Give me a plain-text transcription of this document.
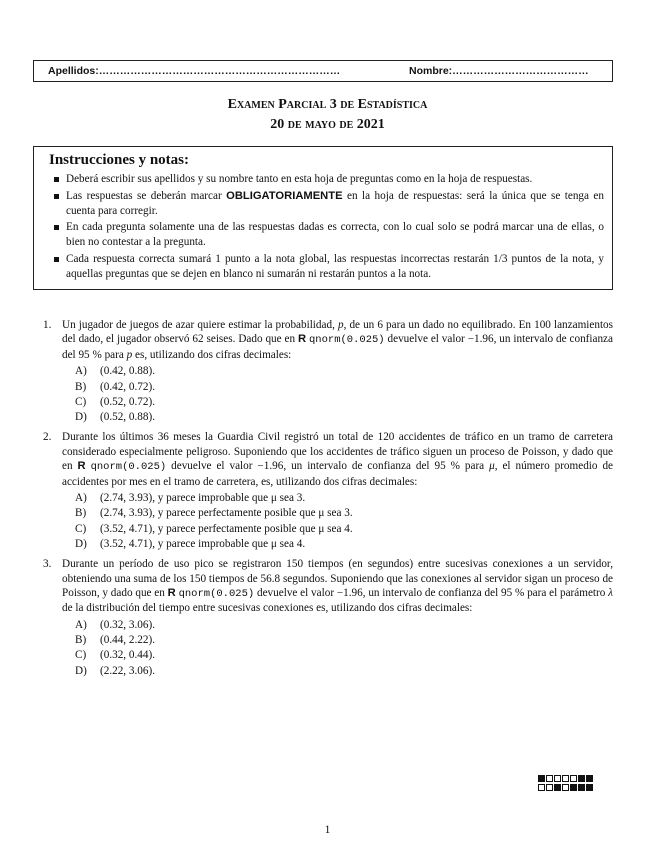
Apellidos:……………………………………………………………	Nombre:…………………………………
Examen Parcial 3 de Estadística
20 de mayo de 2021
Instrucciones y notas:
Deberá escribir sus apellidos y su nombre tanto en esta hoja de preguntas como en la hoja de respuestas.
Las respuestas se deberán marcar OBLIGATORIAMENTE en la hoja de respuestas: será la única que se tenga en cuenta para corregir.
En cada pregunta solamente una de las respuestas dadas es correcta, con lo cual solo se podrá marcar una de ellas, o bien no contestar a la pregunta.
Cada respuesta correcta sumará 1 punto a la nota global, las respuestas incorrectas restarán 1/3 puntos de la nota, y aquellas preguntas que se dejen en blanco ni sumarán ni restarán puntos a la nota.
1. Un jugador de juegos de azar quiere estimar la probabilidad, p, de un 6 para un dado no equilibrado. En 100 lanzamientos del dado, el jugador observó 62 seises. Dado que en R qnorm(0.025) devuelve el valor −1.96, un intervalo de confianza del 95 % para p es, utilizando dos cifras decimales:
A) (0.42, 0.88).
B) (0.42, 0.72).
C) (0.52, 0.72).
D) (0.52, 0.88).
2. Durante los últimos 36 meses la Guardia Civil registró un total de 120 accidentes de tráfico en un tramo de carretera considerado especialmente peligroso. Suponiendo que los accidentes de tráfico siguen un proceso de Poisson, y dado que en R qnorm(0.025) devuelve el valor −1.96, un intervalo de confianza del 95 % para μ, el número promedio de accidentes por mes en el tramo de carretera, es, utilizando dos cifras decimales:
A) (2.74, 3.93), y parece improbable que μ sea 3.
B) (2.74, 3.93), y parece perfectamente posible que μ sea 3.
C) (3.52, 4.71), y parece perfectamente posible que μ sea 4.
D) (3.52, 4.71), y parece improbable que μ sea 4.
3. Durante un período de uso pico se registraron 150 tiempos (en segundos) entre sucesivas conexiones a un servidor, obteniendo una suma de los 150 tiempos de 56.8 segundos. Suponiendo que las conexiones al servidor sigan un proceso de Poisson, y dado que en R qnorm(0.025) devuelve el valor −1.96, un intervalo de confianza del 95 % para el parámetro λ de la distribución del tiempo entre sucesivas conexiones es, utilizando dos cifras decimales:
A) (0.32, 3.06).
B) (0.44, 2.22).
C) (0.32, 0.44).
D) (2.22, 3.06).
1
